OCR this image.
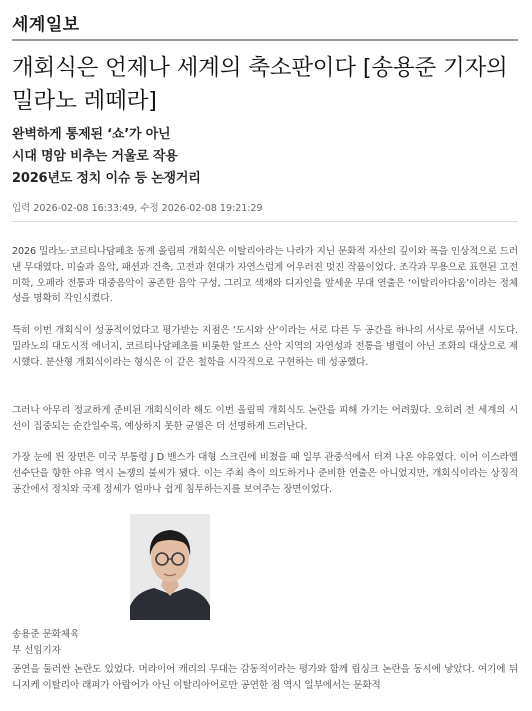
세계일보
개회식은 언제나 세계의 축소판이다 [송용준 기자의 밀라노 레떼라]
완벽하게 통제된 ‘쇼’가 아닌
시대 명암 비추는 거울로 작용
2026년도 정치 이슈 등 논쟁거리
입력 2026-02-08 16:33:49, 수정 2026-02-08 19:21:29

2026 밀라노·코르티나담페초 동계 올림픽 개회식은 이탈리아라는 나라가 지닌 문화적 자산의 깊이와 폭을 인상적으로 드러낸 무대였다. 미술과 음악, 패션과 건축, 고전과 현대가 자연스럽게 어우러진 멋진 작품이었다. 조각과 무용으로 표현된 고전 미학, 오페라 전통과 대중음악이 공존한 음악 구성, 그리고 색채와 디자인을 앞세운 무대 연출은 ‘이탈리아다움’이라는 정체성을 명확히 각인시켰다.

특히 이번 개회식이 성공적이었다고 평가받는 지점은 ‘도시와 산’이라는 서로 다른 두 공간을 하나의 서사로 묶어낸 시도다. 밀라노의 대도시적 에너지, 코르티나담페초를 비롯한 알프스 산악 지역의 자연성과 전통을 병렬이 아닌 조화의 대상으로 제시했다. 분산형 개회식이라는 형식은 이 같은 철학을 시각적으로 구현하는 데 성공했다.

그러나 아무리 정교하게 준비된 개회식이라 해도 이번 올림픽 개회식도 논란을 피해 가기는 어려웠다. 오히려 전 세계의 시선이 집중되는 순간일수록, 예상하지 못한 균열은 더 선명하게 드러난다.

가장 눈에 띈 장면은 미국 부통령 J D 밴스가 대형 스크린에 비쳤을 때 일부 관중석에서 터져 나온 야유였다. 이어 이스라엘 선수단을 향한 야유 역시 논쟁의 불씨가 됐다. 이는 주최 측이 의도하거나 준비한 연출은 아니었지만, 개회식이라는 상징적 공간에서 정치와 국제 정세가 얼마나 쉽게 침투하는지를 보여주는 장면이었다.

송용준 문화체육
부 선임기자

공연을 둘러싼 논란도 있었다. 머라이어 캐리의 무대는 감동적이라는 평가와 함께 립싱크 논란을 동시에 낳았다. 여기에 뒤니지케 이탈리아 래퍼가 아랍어가 아닌 이탈리아어로만 공연한 점 역시 일부에서는 문화적
